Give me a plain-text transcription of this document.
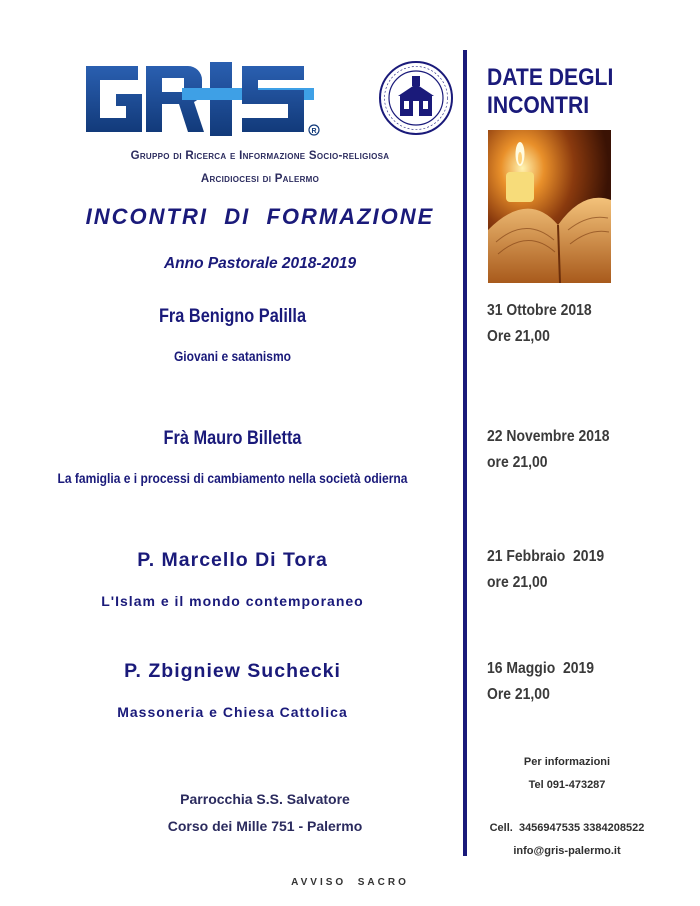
R
Gruppo di Ricerca e Informazione Socio-religiosa
Arcidiocesi di Palermo
INCONTRI  DI  FORMAZIONE
Anno Pastorale 2018-2019
Fra Benigno Palilla
Giovani e satanismo
Frà Mauro Billetta
La famiglia e i processi di cambiamento nella società odierna
P. Marcello Di Tora
L'Islam e il mondo contemporaneo
P. Zbigniew Suchecki
Massoneria e Chiesa Cattolica
DATE DEGLI INCONTRI
31 Ottobre 2018
Ore 21,00
22 Novembre 2018
ore 21,00
21 Febbraio  2019
ore 21,00
16 Maggio  2019
Ore 21,00
Per informazioni
Tel 091-473287
Cell.  3456947535 3384208522
info@gris-palermo.it
Parrocchia S.S. Salvatore
Corso dei Mille 751 - Palermo
AVVISO  SACRO
